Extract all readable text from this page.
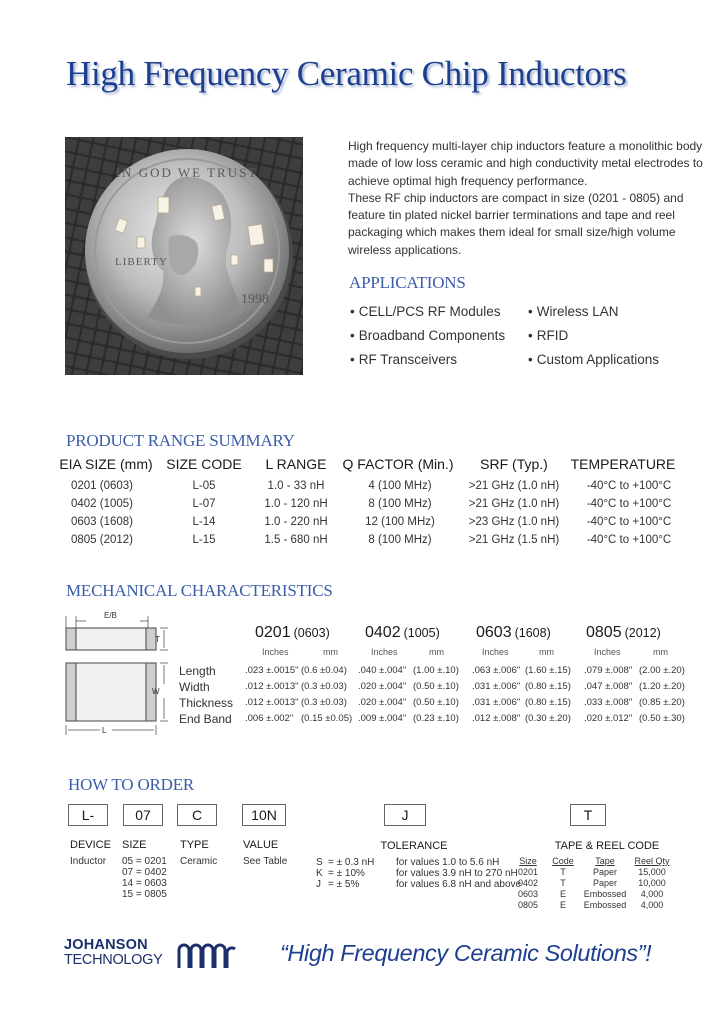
High Frequency Ceramic Chip Inductors
IN GOD WE TRUST
LIBERTY
1998

High frequency multi-layer chip inductors feature a monolithic body made of low loss ceramic and high conductivity metal electrodes to achieve optimal high frequency performance.

These RF chip inductors are compact in size (0201 - 0805) and feature tin plated nickel barrier terminations and tape and reel packaging which makes them ideal for small size/high volume wireless applications.

APPLICATIONS
• CELL/PCS RF Modules	• Wireless LAN
• Broadband Components	• RFID
• RF Transceivers	• Custom Applications
PRODUCT RANGE SUMMARY
EIA SIZE (mm) SIZE CODE L RANGE Q FACTOR (Min.) SRF (Typ.) TEMPERATURE
0201 (0603)	L-05	1.0 - 33 nH	4 (100 MHz)	>21 GHz (1.0 nH) -40°C to +100°C
0402 (1005)	L-07	1.0 - 120 nH	8 (100 MHz)	>21 GHz (1.0 nH) -40°C to +100°C
0603 (1608)	L-14	1.0 - 220 nH	12 (100 MHz)	>23 GHz (1.0 nH) -40°C to +100°C
0805 (2012)	L-15	1.5 - 680 nH	8 (100 MHz)	>21 GHz (1.5 nH) -40°C to +100°C
MECHANICAL CHARACTERISTICS
E/B
T
W
L
0201 (0603) 0402 (1005) 0603 (1608) 0805 (2012)
Inches	mm	Inches	mm	Inches	mm	Inches	mm
Length	.023 ±.0015" (0.6 ±0.04) .040 ±.004" (1.00 ±.10) .063 ±.006" (1.60 ±.15) .079 ±.008" (2.00 ±.20)
Width	.012 ±.0013" (0.3 ±0.03) .020 ±.004" (0.50 ±.10) .031 ±.006" (0.80 ±.15) .047 ±.008" (1.20 ±.20)
Thickness .012 ±.0013" (0.3 ±0.03) .020 ±.004" (0.50 ±.10) .031 ±.006" (0.80 ±.15) .033 ±.008" (0.85 ±.20)
End Band .006 ±.002" (0.15 ±0.05) .009 ±.004" (0.23 ±.10) .012 ±.008" (0.30 ±.20) .020 ±.012" (0.50 ±.30)
HOW TO ORDER
L-	07	C	10N	J	T
DEVICE
Inductor
SIZE
05 = 0201
07 = 0402
14 = 0603
15 = 0805
TYPE
Ceramic
VALUE
See Table
TOLERANCE
S = ± 0.3 nH for values 1.0 to 5.6 nH
K = ± 10%	for values 3.9 nH to 270 nH
J = ± 5%	for values 6.8 nH and above
TAPE & REEL CODE
Size Code Tape Reel Qty
0201 T	Paper 15,000
0402 T	Paper 10,000
0603 E Embossed 4,000
0805 E Embossed 4,000
JOHANSON
TECHNOLOGY	“High Frequency Ceramic Solutions”!
